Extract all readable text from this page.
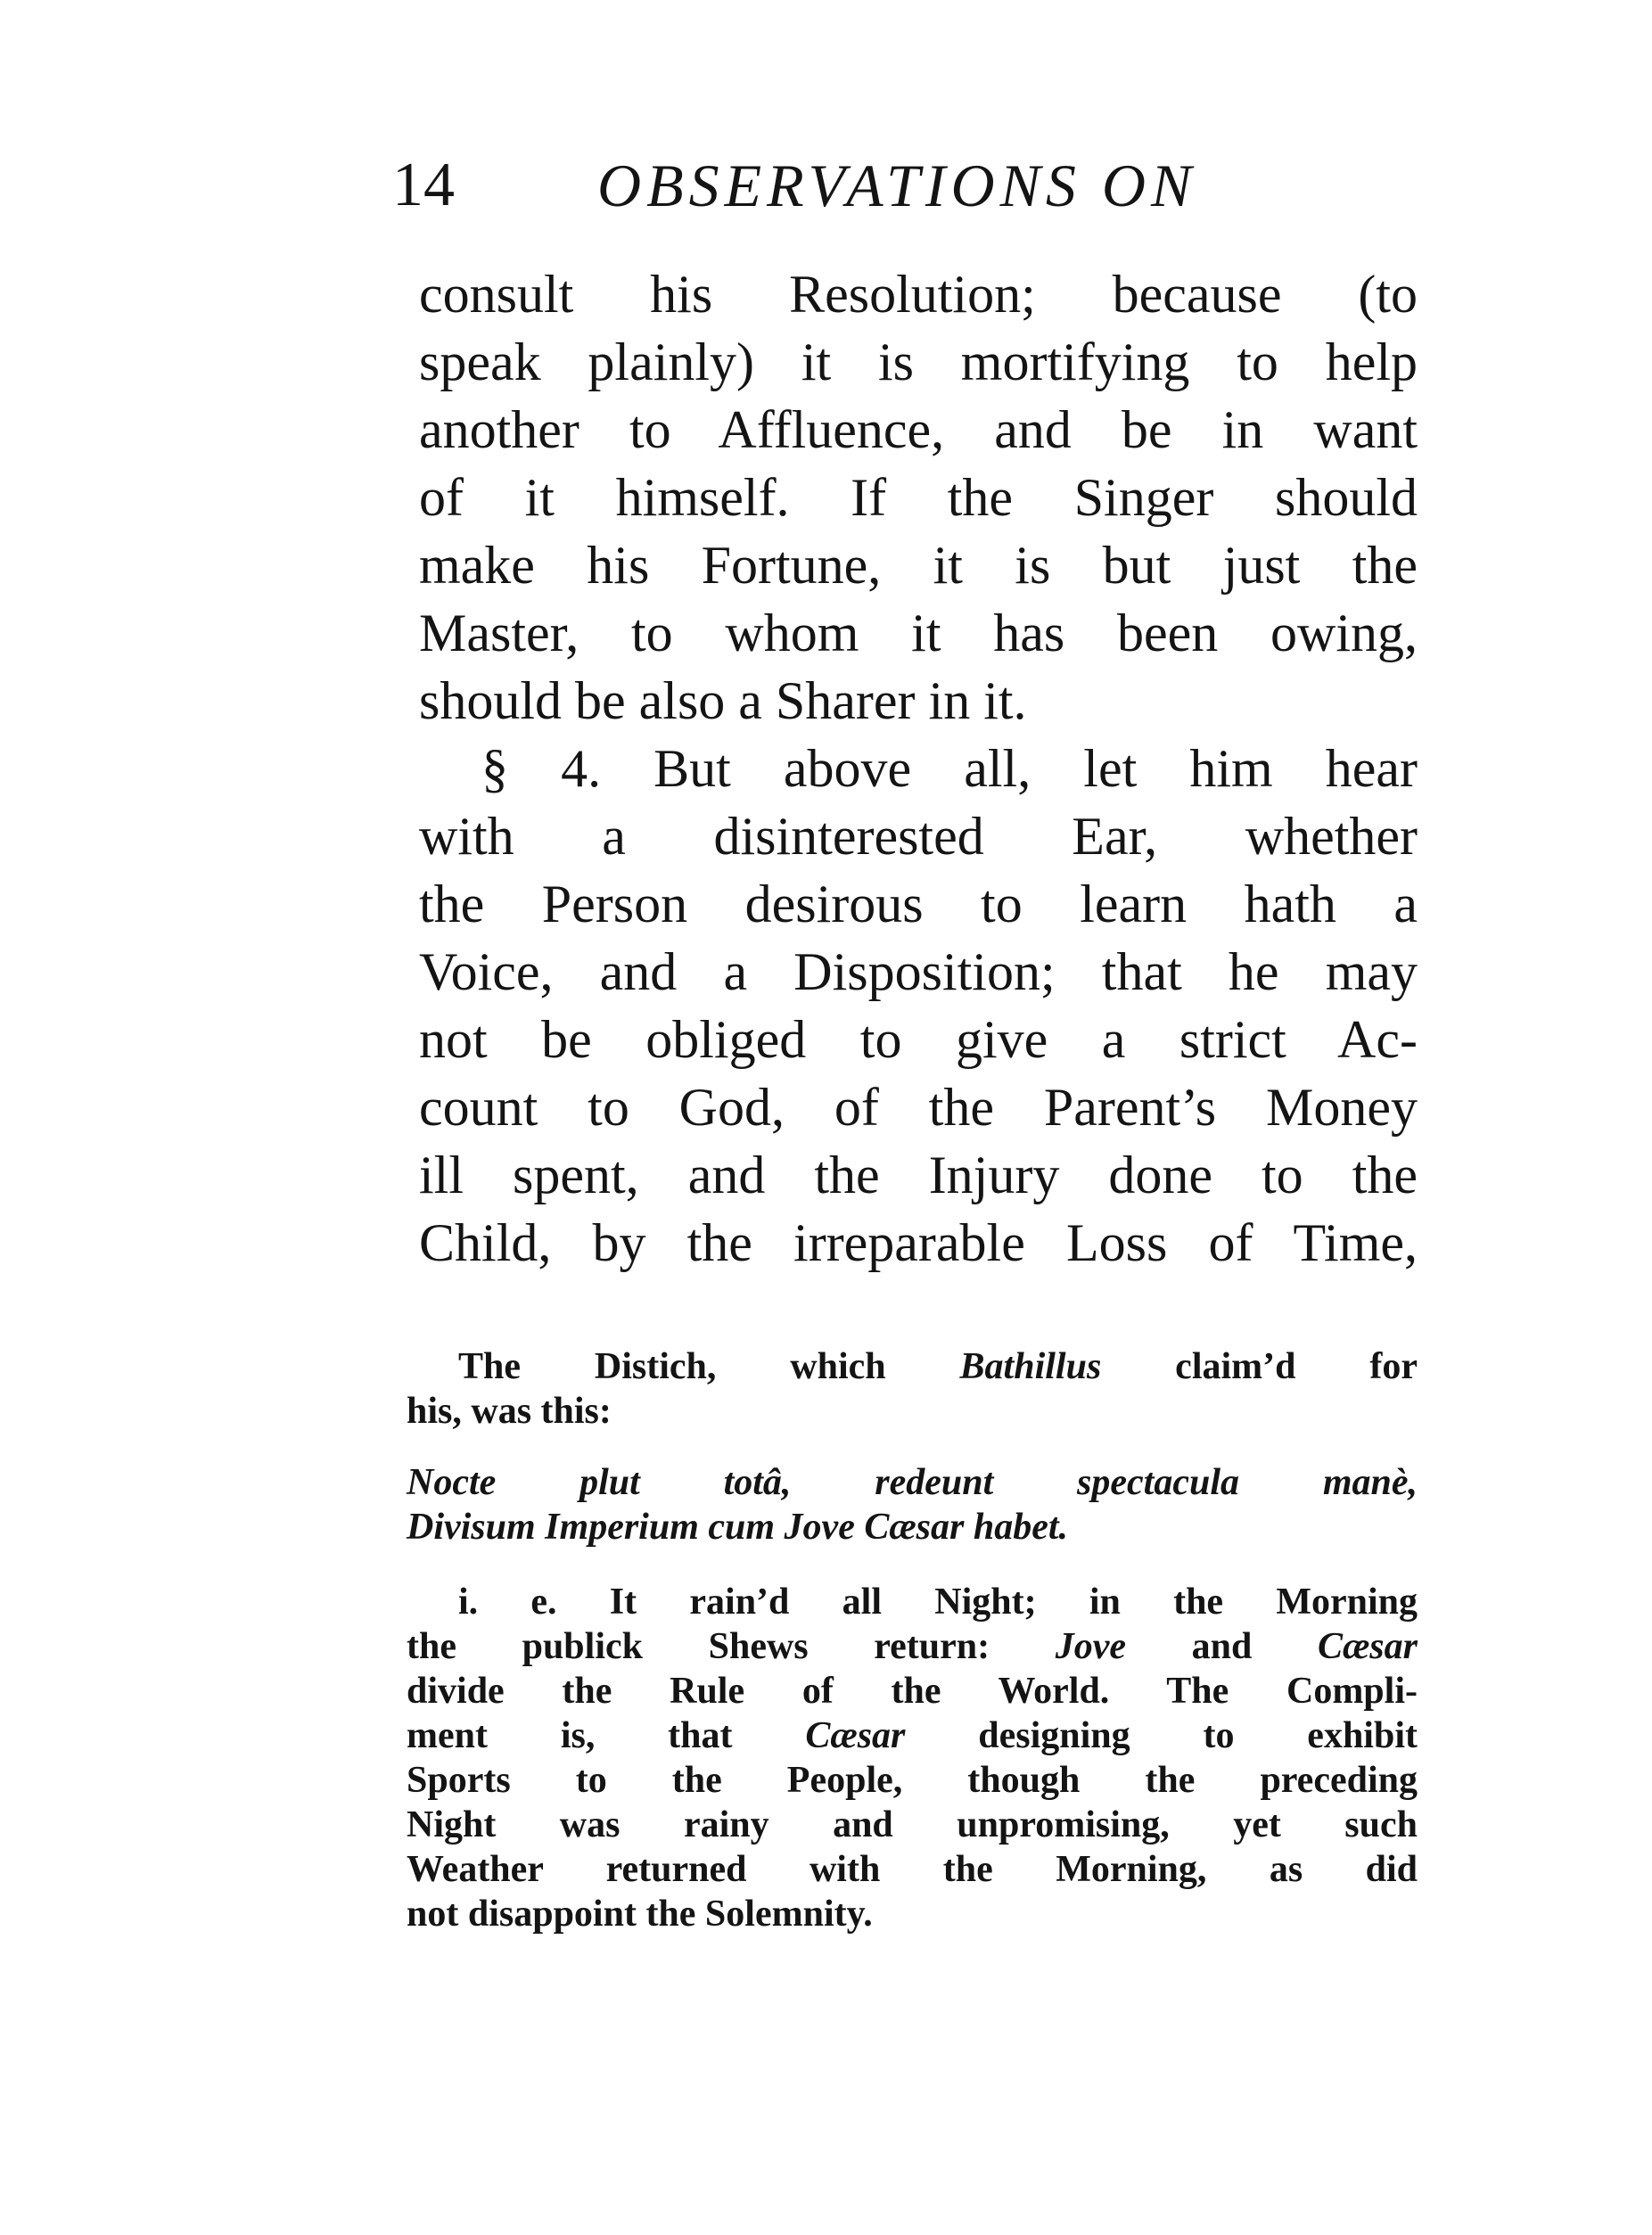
14 OBSERVATIONS ON
consult his Resolution; because (to
speak plainly) it is mortifying to help
another to Affluence, and be in want
of it himself. If the Singer should
make his Fortune, it is but just the
Master, to whom it has been owing,
should be also a Sharer in it.
§ 4. But above all, let him hear
with a disinterested Ear, whether
the Person desirous to learn hath a
Voice, and a Disposition; that he may
not be obliged to give a strict Ac-
count to God, of the Parent’s Money
ill spent, and the Injury done to the
Child, by the irreparable Loss of Time,
The Distich, which Bathillus claim’d for
his, was this:
Nocte plut totâ, redeunt spectacula manè,
Divisum Imperium cum Jove Cæsar habet.
i. e. It rain’d all Night; in the Morning
the publick Shews return: Jove and Cæsar
divide the Rule of the World. The Compli-
ment is, that Cæsar designing to exhibit
Sports to the People, though the preceding
Night was rainy and unpromising, yet such
Weather returned with the Morning, as did
not disappoint the Solemnity.
